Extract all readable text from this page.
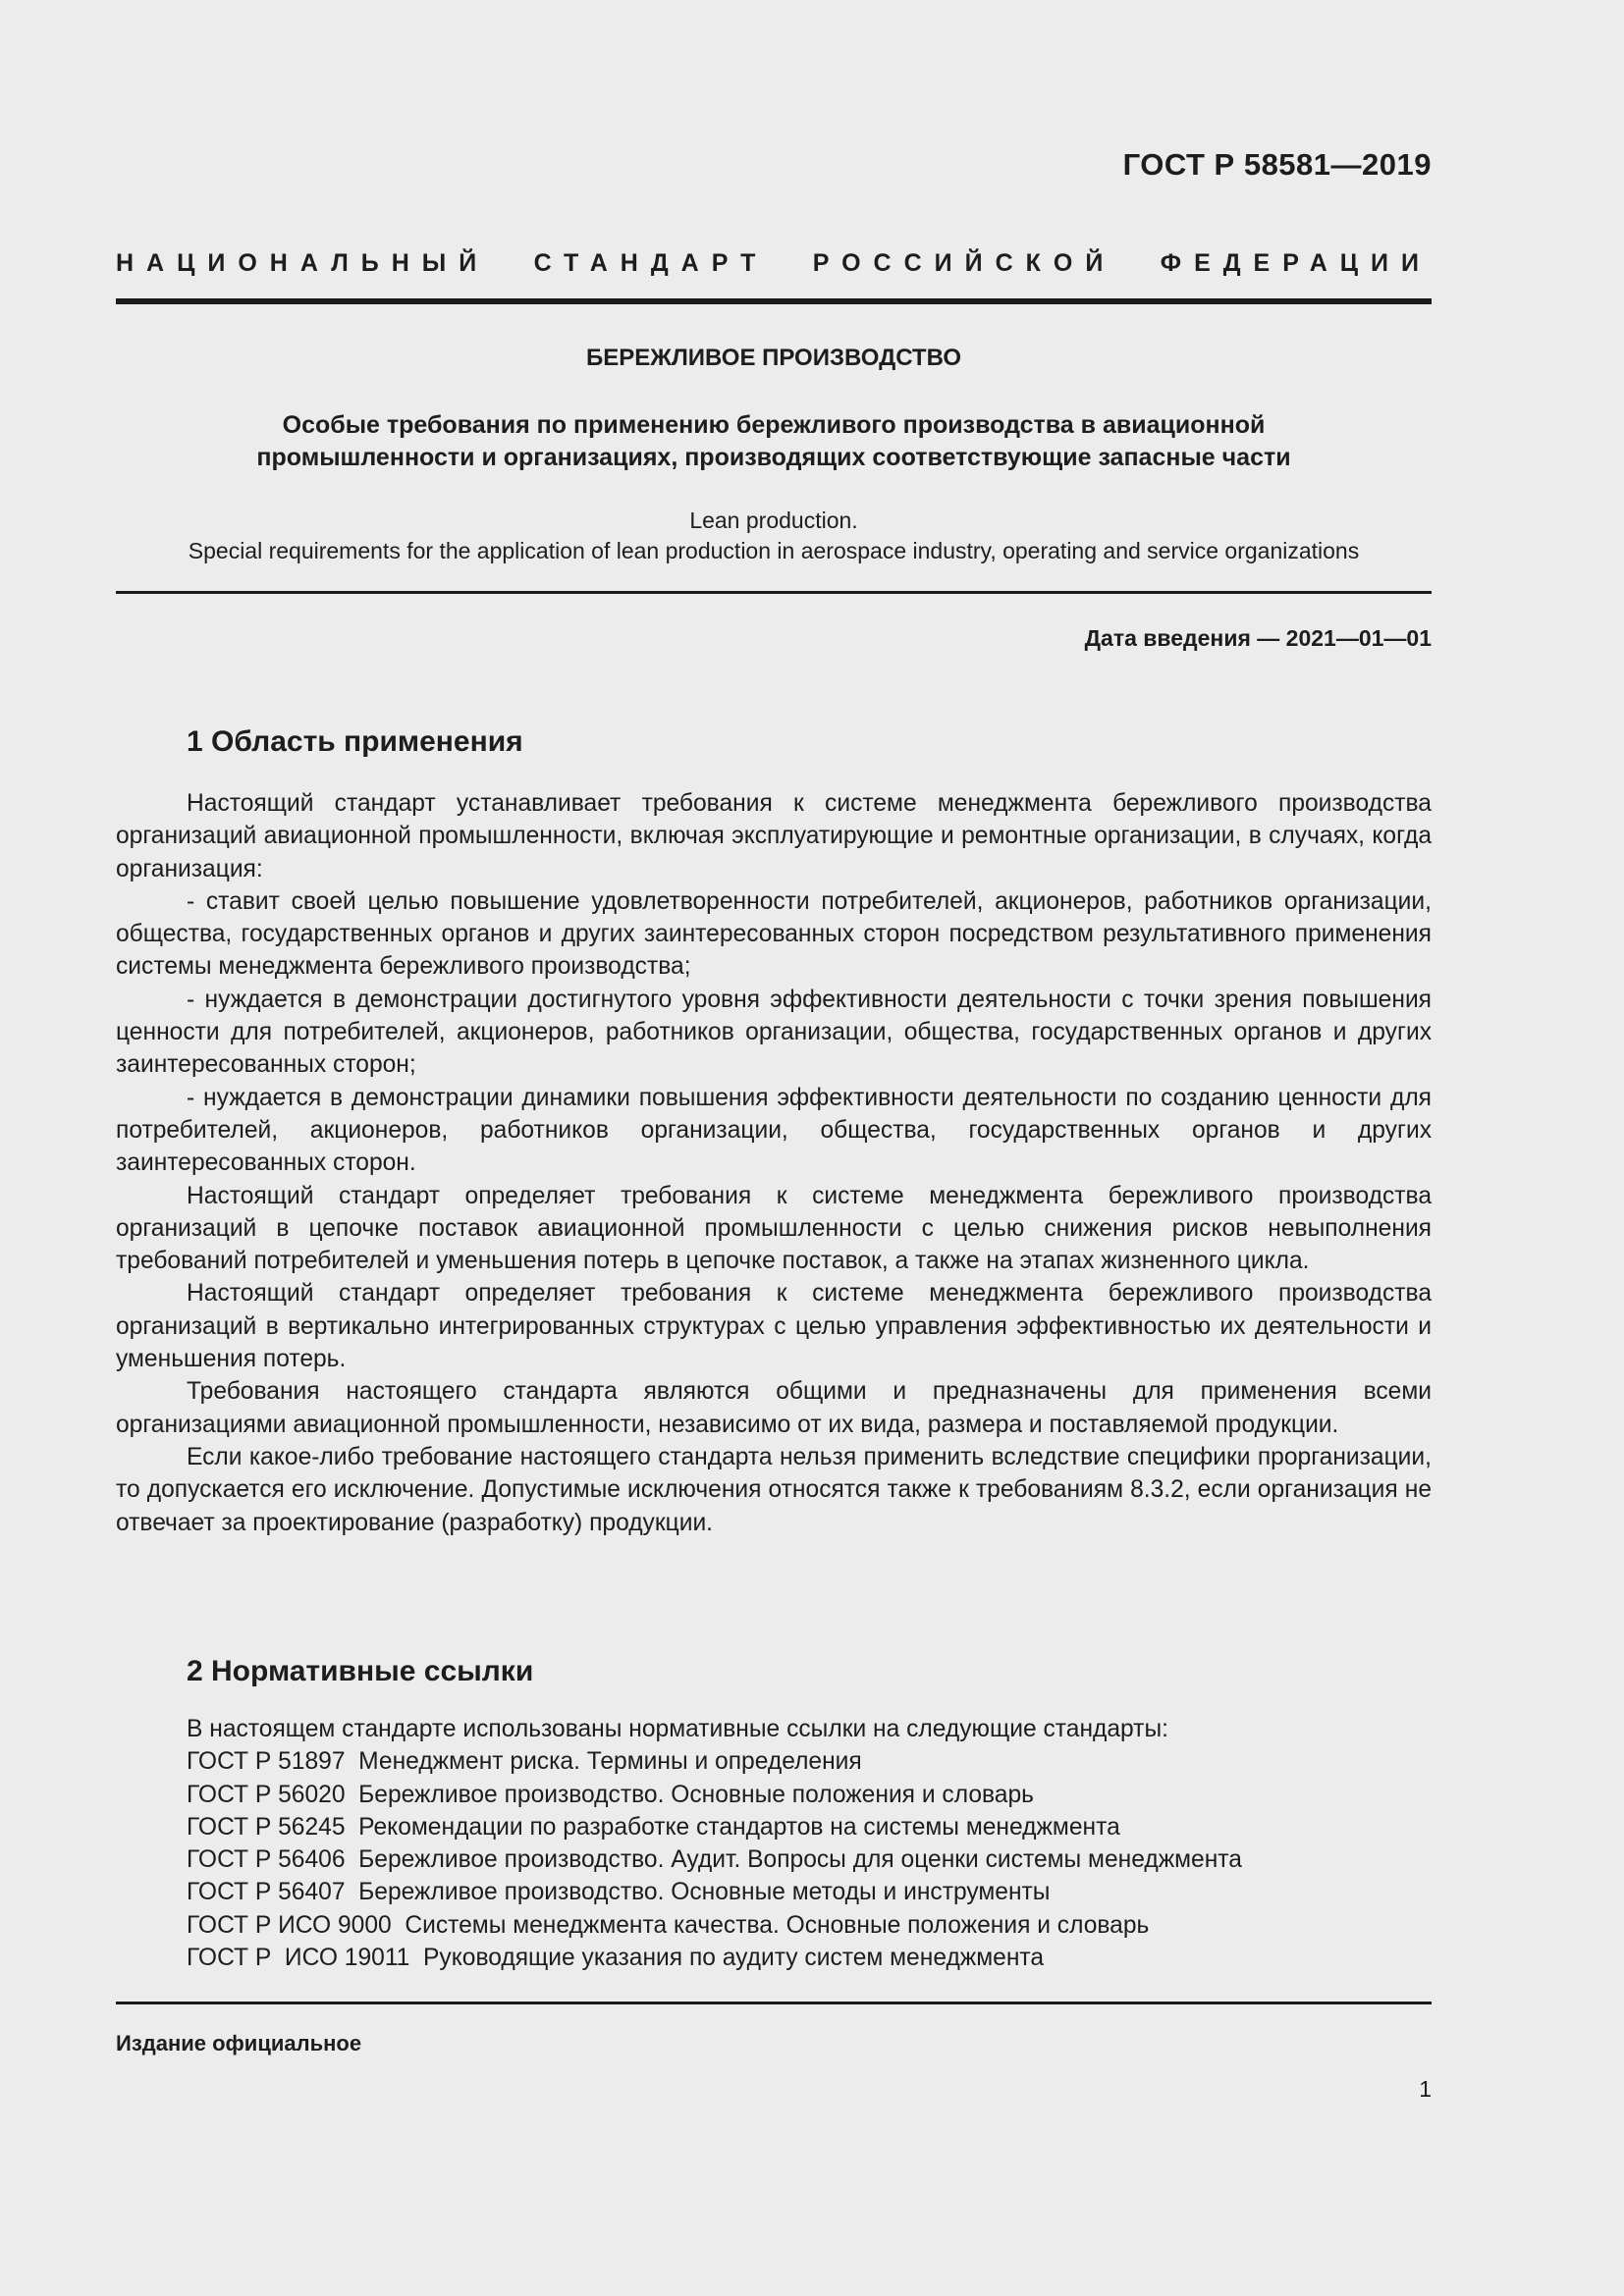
ГОСТ Р 58581—2019
НАЦИОНАЛЬНЫЙ СТАНДАРТ РОССИЙСКОЙ ФЕДЕРАЦИИ
БЕРЕЖЛИВОЕ ПРОИЗВОДСТВО
Особые требования по применению бережливого производства в авиационной
промышленности и организациях, производящих соответствующие запасные части
Lean production.
Special requirements for the application of lean production in aerospace industry, operating and service organizations
Дата введения — 2021—01—01
1 Область применения

Настоящий стандарт устанавливает требования к системе менеджмента бережливого производства организаций авиационной промышленности, включая эксплуатирующие и ремонтные организации, в случаях, когда организация:

- ставит своей целью повышение удовлетворенности потребителей, акционеров, работников организации, общества, государственных органов и других заинтересованных сторон посредством результативного применения системы менеджмента бережливого производства;

- нуждается в демонстрации достигнутого уровня эффективности деятельности с точки зрения повышения ценности для потребителей, акционеров, работников организации, общества, государственных органов и других заинтересованных сторон;

- нуждается в демонстрации динамики повышения эффективности деятельности по созданию ценности для потребителей, акционеров, работников организации, общества, государственных органов и других заинтересованных сторон.

Настоящий стандарт определяет требования к системе менеджмента бережливого производства организаций в цепочке поставок авиационной промышленности с целью снижения рисков невыполнения требований потребителей и уменьшения потерь в цепочке поставок, а также на этапах жизненного цикла.

Настоящий стандарт определяет требования к системе менеджмента бережливого производства организаций в вертикально интегрированных структурах с целью управления эффективностью их деятельности и уменьшения потерь.

Требования настоящего стандарта являются общими и предназначены для применения всеми организациями авиационной промышленности, независимо от их вида, размера и поставляемой продукции.

Если какое-либо требование настоящего стандарта нельзя применить вследствие специфики пpорганизации, то допускается его исключение. Допустимые исключения относятся также к требованиям 8.3.2, если организация не отвечает за проектирование (разработку) продукции.

2 Нормативные ссылки
В настоящем стандарте использованы нормативные ссылки на следующие стандарты:
ГОСТ Р 51897  Менеджмент риска. Термины и определения
ГОСТ Р 56020  Бережливое производство. Основные положения и словарь
ГОСТ Р 56245  Рекомендации по разработке стандартов на системы менеджмента
ГОСТ Р 56406  Бережливое производство. Аудит. Вопросы для оценки системы менеджмента
ГОСТ Р 56407  Бережливое производство. Основные методы и инструменты
ГОСТ Р ИСО 9000  Системы менеджмента качества. Основные положения и словарь
ГОСТ Р  ИСО 19011  Руководящие указания по аудиту систем менеджмента
Издание официальное
1
